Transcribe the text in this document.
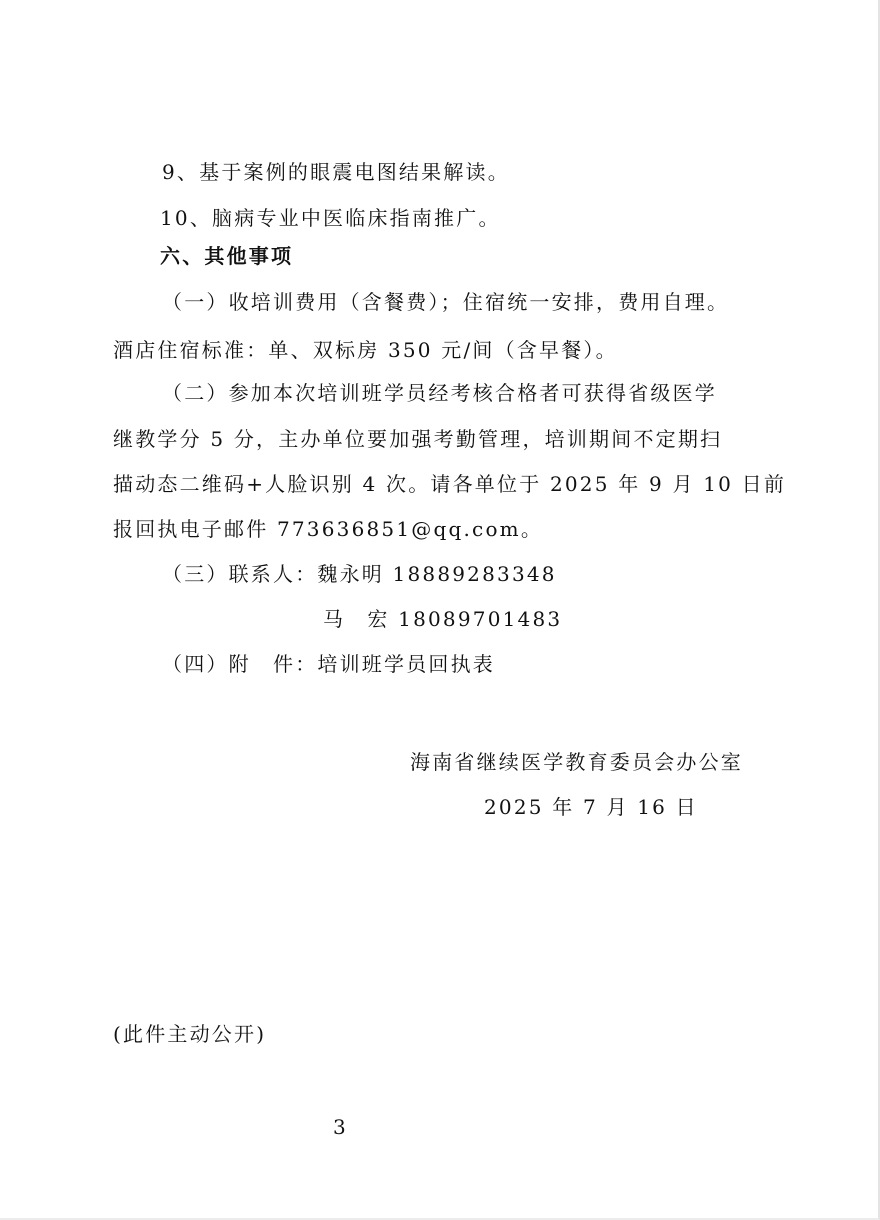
9、基于案例的眼震电图结果解读。
10、脑病专业中医临床指南推广。
六、其他事项
（一）收培训费用（含餐费）；住宿统一安排，费用自理。
酒店住宿标准：单、双标房 350 元/间（含早餐）。
（二）参加本次培训班学员经考核合格者可获得省级医学
继教学分 5 分，主办单位要加强考勤管理，培训期间不定期扫
描动态二维码+人脸识别 4 次。请各单位于 2025 年 9 月 10 日前
报回执电子邮件 773636851@qq.com。
（三）联系人：魏永明 18889283348
马　宏 18089701483
（四）附　件：培训班学员回执表
海南省继续医学教育委员会办公室
2025 年 7 月 16 日
(此件主动公开)
3
